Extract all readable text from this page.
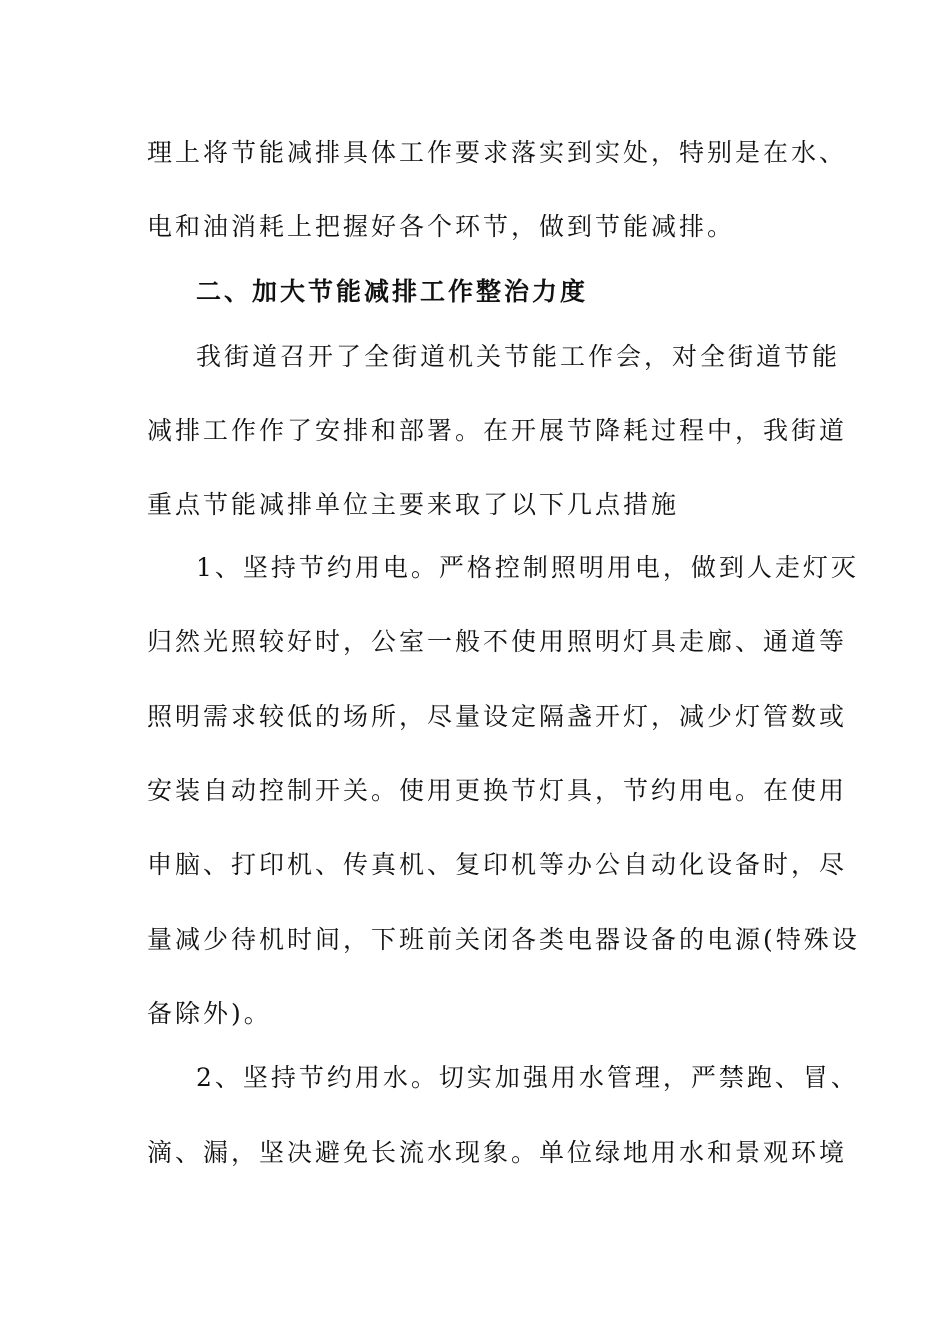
理上将节能减排具体工作要求落实到实处，特别是在水、
电和油消耗上把握好各个环节，做到节能减排。
二、加大节能减排工作整治力度
我街道召开了全街道机关节能工作会，对全街道节能
减排工作作了安排和部署。在开展节降耗过程中，我街道
重点节能减排单位主要来取了以下几点措施
1、坚持节约用电。严格控制照明用电，做到人走灯灭
归然光照较好时，公室一般不使用照明灯具走廊、通道等
照明需求较低的场所，尽量设定隔盏开灯，减少灯管数或
安装自动控制开关。使用更换节灯具，节约用电。在使用
申脑、打印机、传真机、复印机等办公自动化设备时，尽
量减少待机时间，下班前关闭各类电器设备的电源(特殊设
备除外)。
2、坚持节约用水。切实加强用水管理，严禁跑、冒、
滴、漏，坚决避免长流水现象。单位绿地用水和景观环境
